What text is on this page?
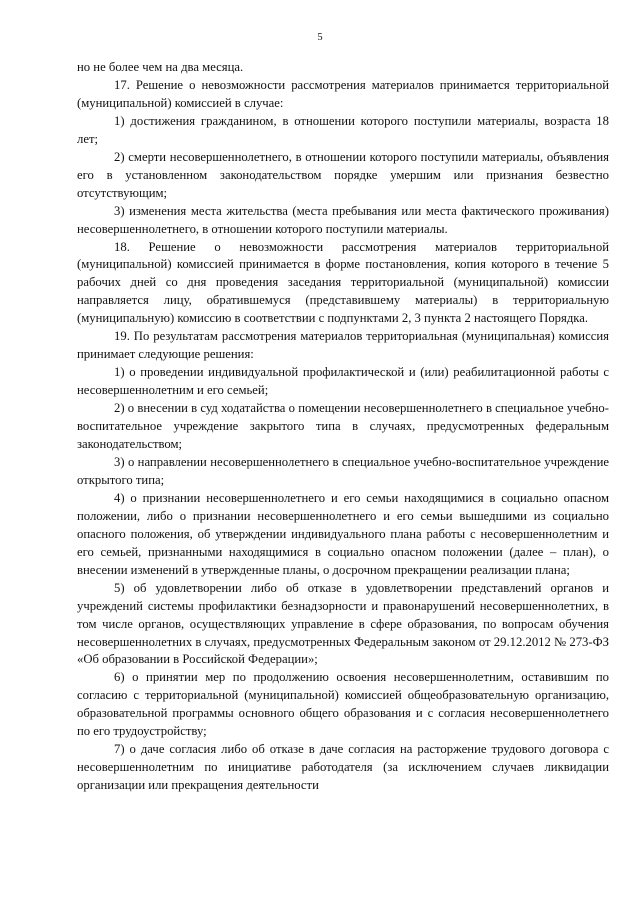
5

но не более чем на два месяца.

17. Решение о невозможности рассмотрения материалов принимается территориальной (муниципальной) комиссией в случае:

1) достижения гражданином, в отношении которого поступили материалы, возраста 18 лет;

2) смерти несовершеннолетнего, в отношении которого поступили материалы, объявления его в установленном законодательством порядке умершим или признания безвестно отсутствующим;

3) изменения места жительства (места пребывания или места фактического проживания) несовершеннолетнего, в отношении которого поступили материалы.

18. Решение о невозможности рассмотрения материалов территориальной (муниципальной) комиссией принимается в форме постановления, копия которого в течение 5 рабочих дней со дня проведения заседания территориальной (муниципальной) комиссии направляется лицу, обратившемуся (представившему материалы) в территориальную (муниципальную) комиссию в соответствии с подпунктами 2, 3 пункта 2 настоящего Порядка.

19. По результатам рассмотрения материалов территориальная (муниципальная) комиссия принимает следующие решения:

1) о проведении индивидуальной профилактической и (или) реабилитационной работы с несовершеннолетним и его семьей;

2) о внесении в суд ходатайства о помещении несовершеннолетнего в специальное учебно-воспитательное учреждение закрытого типа в случаях, предусмотренных федеральным законодательством;

3) о направлении несовершеннолетнего в специальное учебно-воспитательное учреждение открытого типа;

4) о признании несовершеннолетнего и его семьи находящимися в социально опасном положении, либо о признании несовершеннолетнего и его семьи вышедшими из социально опасного положения, об утверждении индивидуального плана работы с несовершеннолетним и его семьей, признанными находящимися в социально опасном положении (далее – план), о внесении изменений в утвержденные планы, о досрочном прекращении реализации плана;

5) об удовлетворении либо об отказе в удовлетворении представлений органов и учреждений системы профилактики безнадзорности и правонарушений несовершеннолетних, в том числе органов, осуществляющих управление в сфере образования, по вопросам обучения несовершеннолетних в случаях, предусмотренных Федеральным законом от 29.12.2012 № 273-ФЗ «Об образовании в Российской Федерации»;

6) о принятии мер по продолжению освоения несовершеннолетним, оставившим по согласию с территориальной (муниципальной) комиссией общеобразовательную организацию, образовательной программы основного общего образования и с согласия несовершеннолетнего по его трудоустройству;

7) о даче согласия либо об отказе в даче согласия на расторжение трудового договора с несовершеннолетним по инициативе работодателя (за исключением случаев ликвидации организации или прекращения деятельности
